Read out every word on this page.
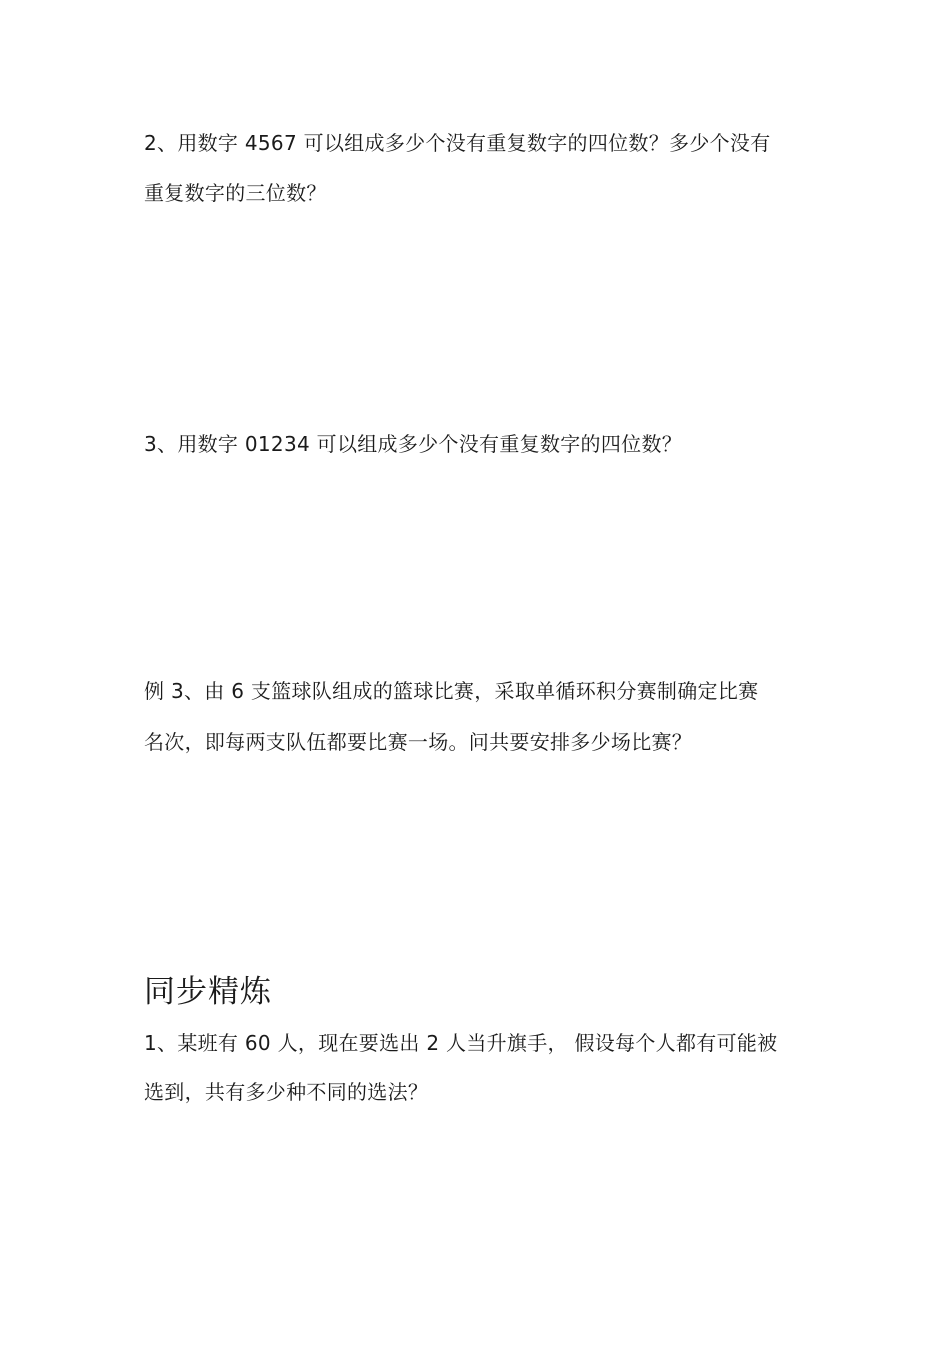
2、用数字 4567 可以组成多少个没有重复数字的四位数？多少个没有
重复数字的三位数？
3、用数字 01234 可以组成多少个没有重复数字的四位数？
例 3、由 6 支篮球队组成的篮球比赛，采取单循环积分赛制确定比赛
名次，即每两支队伍都要比赛一场。问共要安排多少场比赛？
同步精炼
1、某班有 60 人，现在要选出 2 人当升旗手， 假设每个人都有可能被
选到，共有多少种不同的选法？
